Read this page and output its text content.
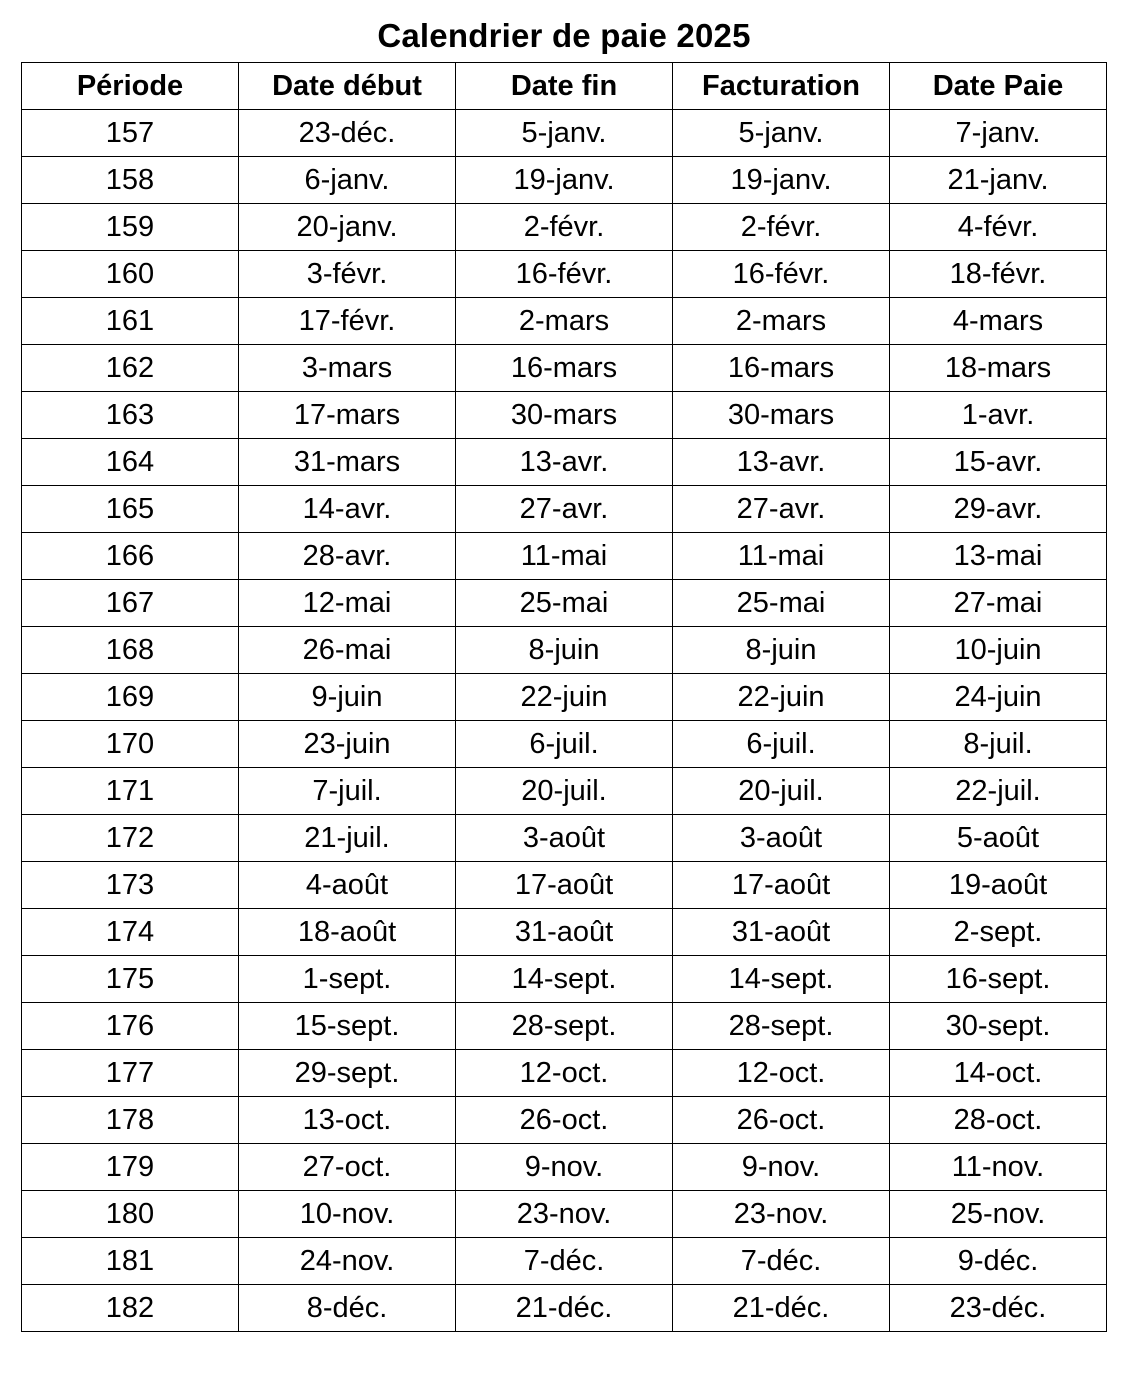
Calendrier de paie 2025
Période	Date début	Date fin	Facturation	Date Paie
157	23-déc.	5-janv.	5-janv.	7-janv.
158	6-janv.	19-janv.	19-janv.	21-janv.
159	20-janv.	2-févr.	2-févr.	4-févr.
160	3-févr.	16-févr.	16-févr.	18-févr.
161	17-févr.	2-mars	2-mars	4-mars
162	3-mars	16-mars	16-mars	18-mars
163	17-mars	30-mars	30-mars	1-avr.
164	31-mars	13-avr.	13-avr.	15-avr.
165	14-avr.	27-avr.	27-avr.	29-avr.
166	28-avr.	11-mai	11-mai	13-mai
167	12-mai	25-mai	25-mai	27-mai
168	26-mai	8-juin	8-juin	10-juin
169	9-juin	22-juin	22-juin	24-juin
170	23-juin	6-juil.	6-juil.	8-juil.
171	7-juil.	20-juil.	20-juil.	22-juil.
172	21-juil.	3-août	3-août	5-août
173	4-août	17-août	17-août	19-août
174	18-août	31-août	31-août	2-sept.
175	1-sept.	14-sept.	14-sept.	16-sept.
176	15-sept.	28-sept.	28-sept.	30-sept.
177	29-sept.	12-oct.	12-oct.	14-oct.
178	13-oct.	26-oct.	26-oct.	28-oct.
179	27-oct.	9-nov.	9-nov.	11-nov.
180	10-nov.	23-nov.	23-nov.	25-nov.
181	24-nov.	7-déc.	7-déc.	9-déc.
182	8-déc.	21-déc.	21-déc.	23-déc.
